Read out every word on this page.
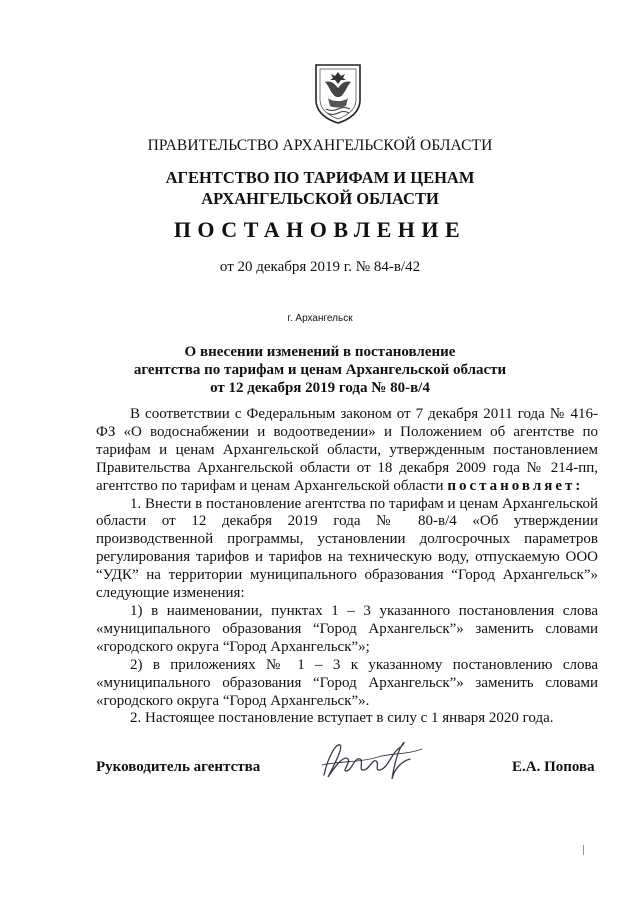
ПРАВИТЕЛЬСТВО АРХАНГЕЛЬСКОЙ ОБЛАСТИ
АГЕНТСТВО ПО ТАРИФАМ И ЦЕНАМ
АРХАНГЕЛЬСКОЙ ОБЛАСТИ
ПОСТАНОВЛЕНИЕ
от 20 декабря 2019 г. № 84-в/42
г. Архангельск
О внесении изменений в постановление
агентства по тарифам и ценам Архангельской области
от 12 декабря 2019 года № 80-в/4

В соответствии с Федеральным законом от 7 декабря 2011 года № 416-ФЗ «О водоснабжении и водоотведении» и Положением об агентстве по тарифам и ценам Архангельской области, утвержденным постановлением Правительства Архангельской области от 18 декабря 2009 года № 214-пп, агентство по тарифам и ценам Архангельской области постановляет:

1. Внести в постановление агентства по тарифам и ценам Архангельской области от 12 декабря 2019 года № 80-в/4 «Об утверждении производственной программы, установлении долгосрочных параметров регулирования тарифов и тарифов на техническую воду, отпускаемую ООО “УДК” на территории муниципального образования “Город Архангельск”» следующие изменения:

1) в наименовании, пунктах 1 – 3 указанного постановления слова «муниципального образования “Город Архангельск”» заменить словами «городского округа “Город Архангельск”»;

2) в приложениях № 1 – 3 к указанному постановлению слова «муниципального образования “Город Архангельск”» заменить словами «городского округа “Город Архангельск”».

2. Настоящее постановление вступает в силу с 1 января 2020 года.

Руководитель агентства	Е.А. Попова
